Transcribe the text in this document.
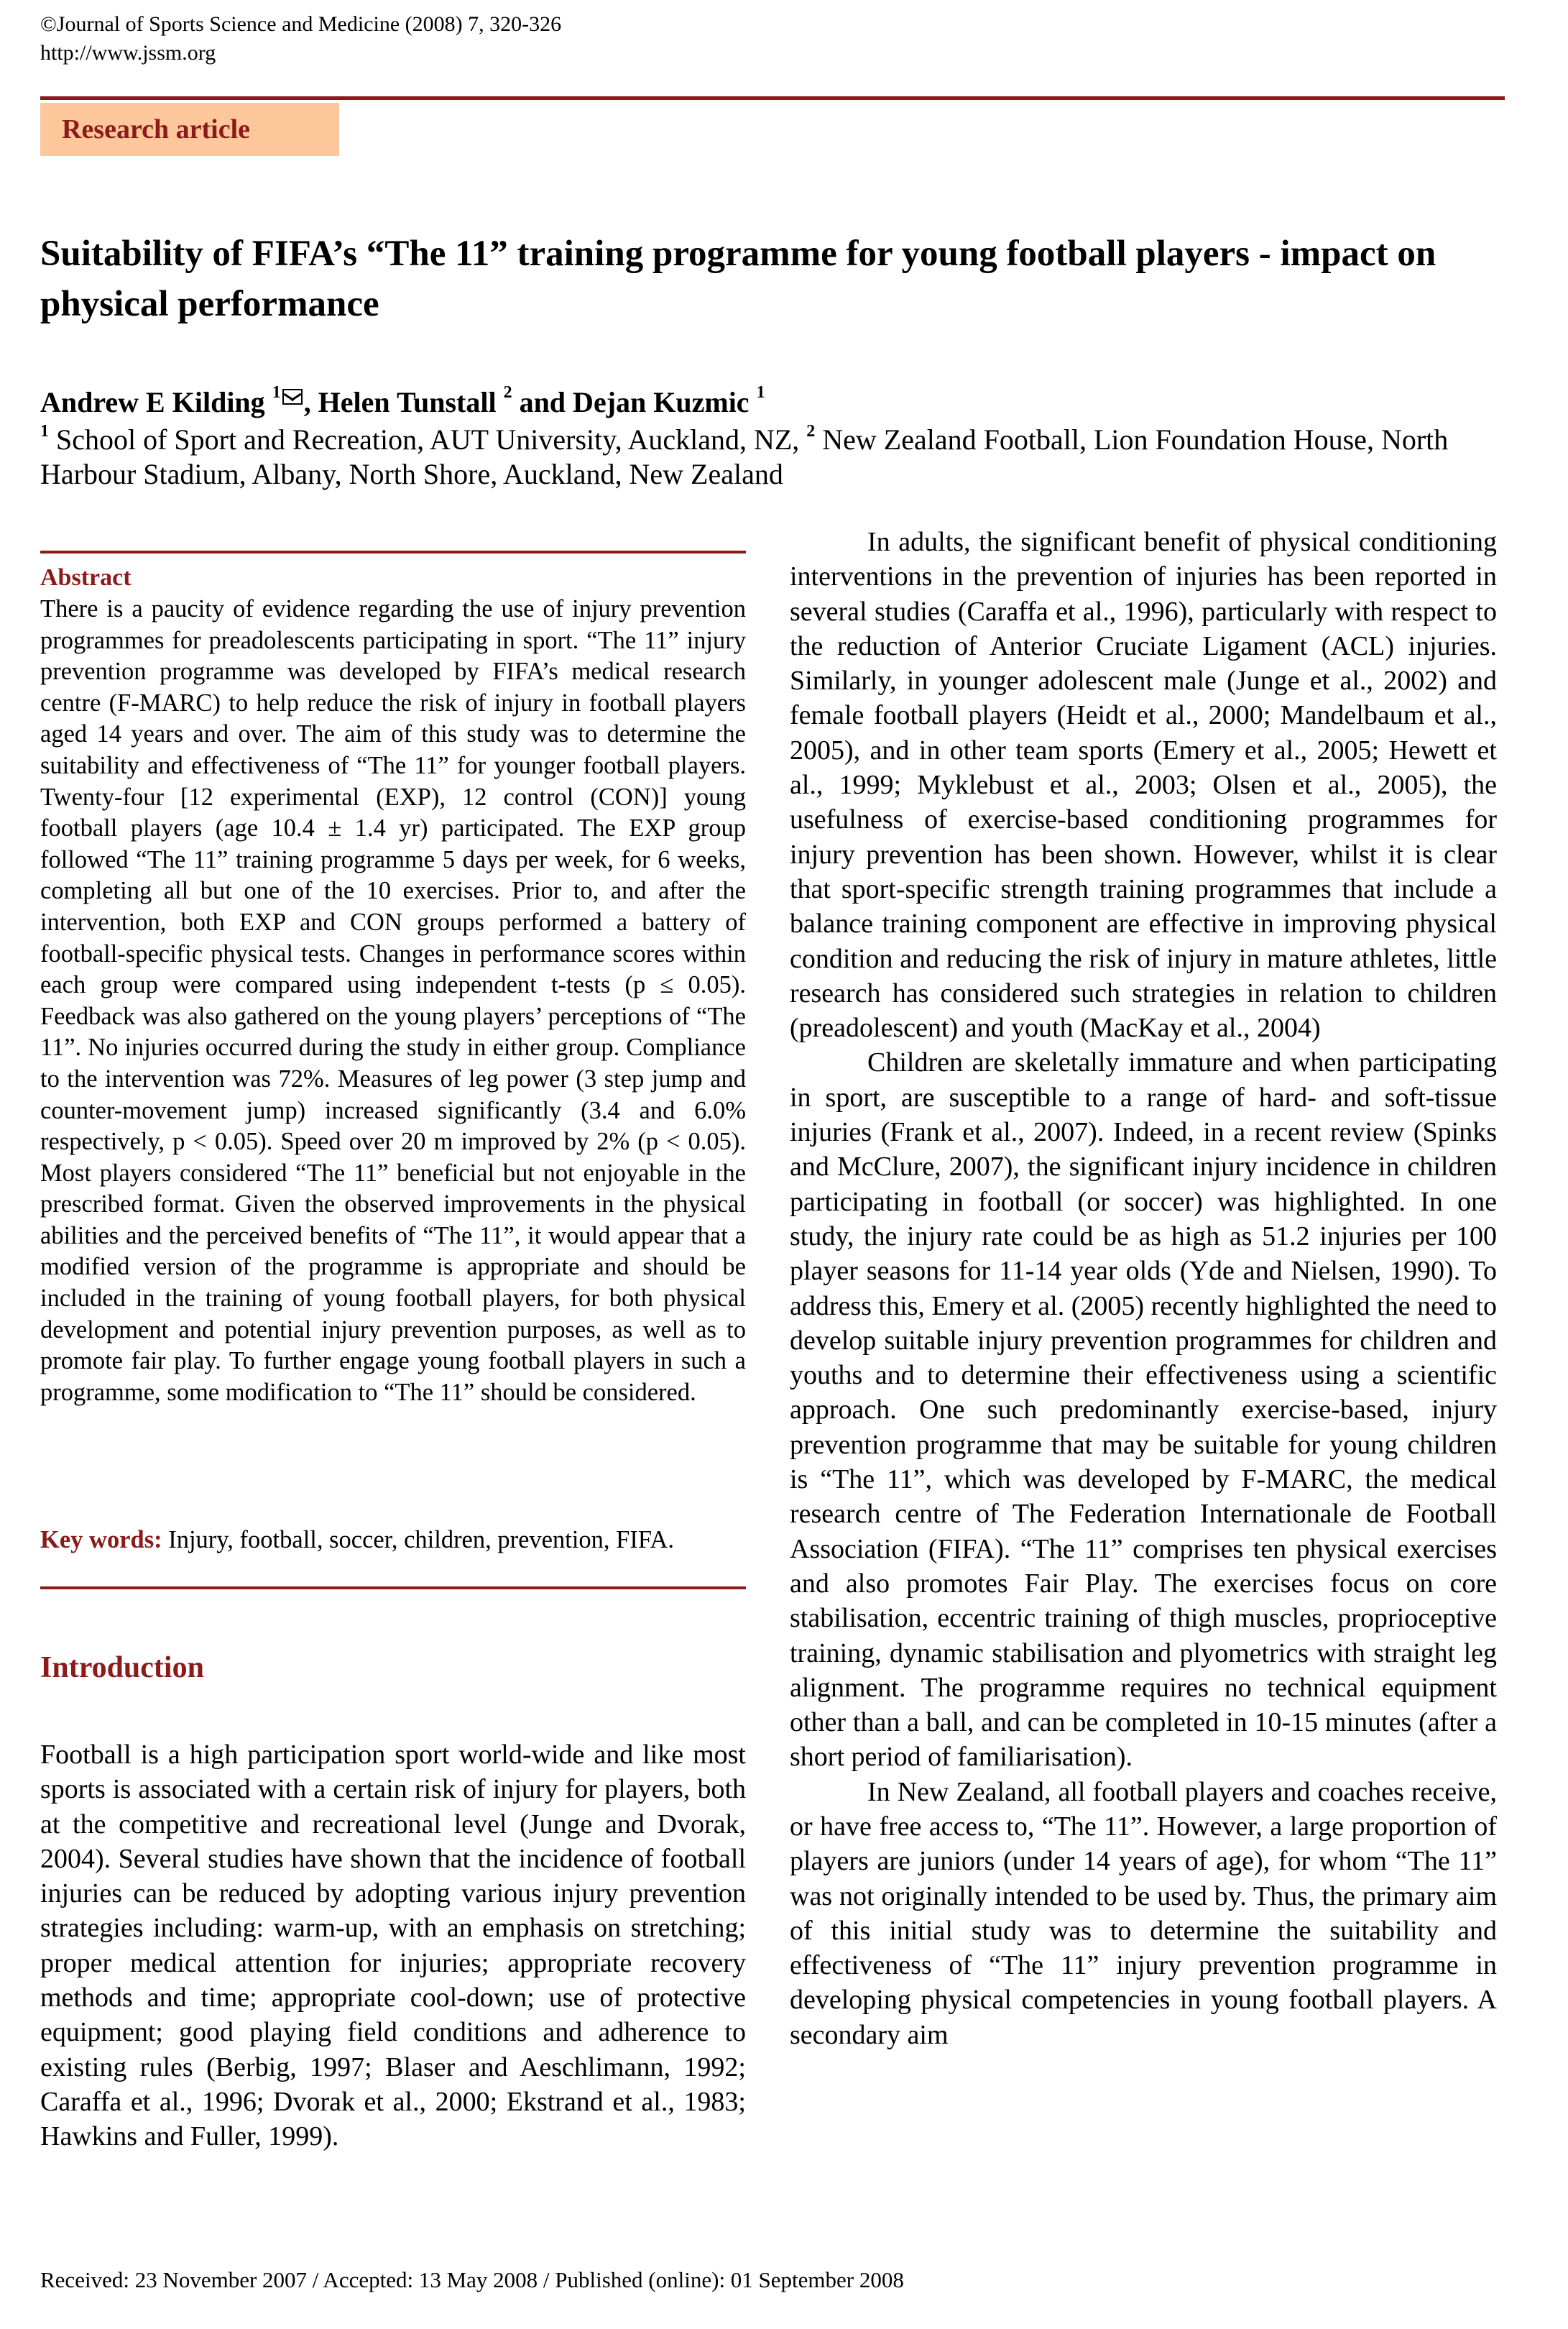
©Journal of Sports Science and Medicine (2008) 7, 320-326
http://www.jssm.org
Research article
Suitability of FIFA’s “The 11” training programme for young football players - impact on physical performance
Andrew E Kilding $^1$ , Helen Tunstall $^2$ and Dejan Kuzmic $^1$
$^1$ School of Sport and Recreation, AUT University, Auckland, NZ, $^2$ New Zealand Football, Lion Foundation House, North Harbour Stadium, Albany, North Shore, Auckland, New Zealand
Abstract

There is a paucity of evidence regarding the use of injury prevention programmes for preadolescents participating in sport. “The 11” injury prevention programme was developed by FIFA’s medical research centre (F-MARC) to help reduce the risk of injury in football players aged 14 years and over. The aim of this study was to determine the suitability and effectiveness of “The 11” for younger football players. Twenty-four [12 experimental (EXP), 12 control (CON)] young football players (age 10.4 ± 1.4 yr) participated. The EXP group followed “The 11” training programme 5 days per week, for 6 weeks, completing all but one of the 10 exercises. Prior to, and after the intervention, both EXP and CON groups performed a battery of football-specific physical tests. Changes in performance scores within each group were compared using independent t-tests (p ≤ 0.05). Feedback was also gathered on the young players’ perceptions of “The 11”. No injuries occurred during the study in either group. Compliance to the intervention was 72%. Measures of leg power (3 step jump and counter-movement jump) increased significantly (3.4 and 6.0% respectively, p < 0.05). Speed over 20 m improved by 2% (p < 0.05). Most players considered “The 11” beneficial but not enjoyable in the prescribed format. Given the observed improvements in the physical abilities and the perceived benefits of “The 11”, it would appear that a modified version of the programme is appropriate and should be included in the training of young football players, for both physical development and potential injury prevention purposes, as well as to promote fair play. To further engage young football players in such a programme, some modification to “The 11” should be considered.

Key words: Injury, football, soccer, children, prevention, FIFA.
Introduction

Football is a high participation sport world-wide and like most sports is associated with a certain risk of injury for players, both at the competitive and recreational level (Junge and Dvorak, 2004). Several studies have shown that the incidence of football injuries can be reduced by adopting various injury prevention strategies including: warm-up, with an emphasis on stretching; proper medical attention for injuries; appropriate recovery methods and time; appropriate cool-down; use of protective equipment; good playing field conditions and adherence to existing rules (Berbig, 1997; Blaser and Aeschlimann, 1992; Caraffa et al., 1996; Dvorak et al., 2000; Ekstrand et al., 1983; Hawkins and Fuller, 1999).

In adults, the significant benefit of physical conditioning interventions in the prevention of injuries has been reported in several studies (Caraffa et al., 1996), particularly with respect to the reduction of Anterior Cruciate Ligament (ACL) injuries. Similarly, in younger adolescent male (Junge et al., 2002) and female football players (Heidt et al., 2000; Mandelbaum et al., 2005), and in other team sports (Emery et al., 2005; Hewett et al., 1999; Myklebust et al., 2003; Olsen et al., 2005), the usefulness of exercise-based conditioning programmes for injury prevention has been shown. However, whilst it is clear that sport-specific strength training programmes that include a balance training component are effective in improving physical condition and reducing the risk of injury in mature athletes, little research has considered such strategies in relation to children (preadolescent) and youth (MacKay et al., 2004)

Children are skeletally immature and when participating in sport, are susceptible to a range of hard- and soft-tissue injuries (Frank et al., 2007). Indeed, in a recent review (Spinks and McClure, 2007), the significant injury incidence in children participating in football (or soccer) was highlighted. In one study, the injury rate could be as high as 51.2 injuries per 100 player seasons for 11-14 year olds (Yde and Nielsen, 1990). To address this, Emery et al. (2005) recently highlighted the need to develop suitable injury prevention programmes for children and youths and to determine their effectiveness using a scientific approach. One such predominantly exercise-based, injury prevention programme that may be suitable for young children is “The 11”, which was developed by F-MARC, the medical research centre of The Federation Internationale de Football Association (FIFA). “The 11” comprises ten physical exercises and also promotes Fair Play. The exercises focus on core stabilisation, eccentric training of thigh muscles, proprioceptive training, dynamic stabilisation and plyometrics with straight leg alignment. The programme requires no technical equipment other than a ball, and can be completed in 10-15 minutes (after a short period of familiarisation).

In New Zealand, all football players and coaches receive, or have free access to, “The 11”. However, a large proportion of players are juniors (under 14 years of age), for whom “The 11” was not originally intended to be used by. Thus, the primary aim of this initial study was to determine the suitability and effectiveness of “The 11” injury prevention programme in developing physical competencies in young football players. A secondary aim

Received: 23 November 2007 / Accepted: 13 May 2008 / Published (online): 01 September 2008
